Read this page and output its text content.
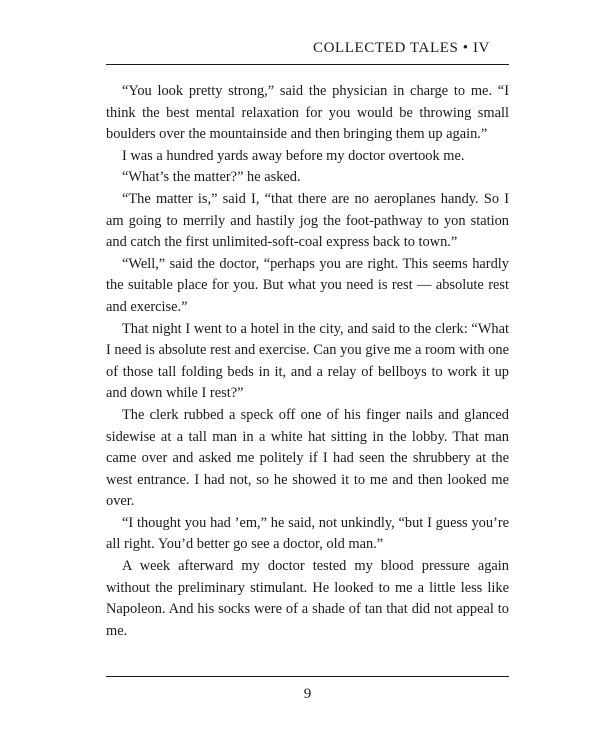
COLLECTED TALES • IV

“You look pretty strong,” said the physician in charge to me. “I think the best mental relaxation for you would be throwing small boulders over the mountainside and then bringing them up again.”

I was a hundred yards away before my doctor overtook me.

“What’s the matter?” he asked.

“The matter is,” said I, “that there are no aeroplanes handy. So I am going to merrily and hastily jog the foot-pathway to yon station and catch the first unlimited-soft-coal express back to town.”

“Well,” said the doctor, “perhaps you are right. This seems hardly the suitable place for you. But what you need is rest — absolute rest and exercise.”

That night I went to a hotel in the city, and said to the clerk: “What I need is absolute rest and exercise. Can you give me a room with one of those tall folding beds in it, and a relay of bellboys to work it up and down while I rest?”

The clerk rubbed a speck off one of his finger nails and glanced sidewise at a tall man in a white hat sitting in the lobby. That man came over and asked me politely if I had seen the shrubbery at the west entrance. I had not, so he showed it to me and then looked me over.

“I thought you had ’em,” he said, not unkindly, “but I guess you’re all right. You’d better go see a doctor, old man.”

A week afterward my doctor tested my blood pressure again without the preliminary stimulant. He looked to me a little less like Napoleon. And his socks were of a shade of tan that did not appeal to me.

9
